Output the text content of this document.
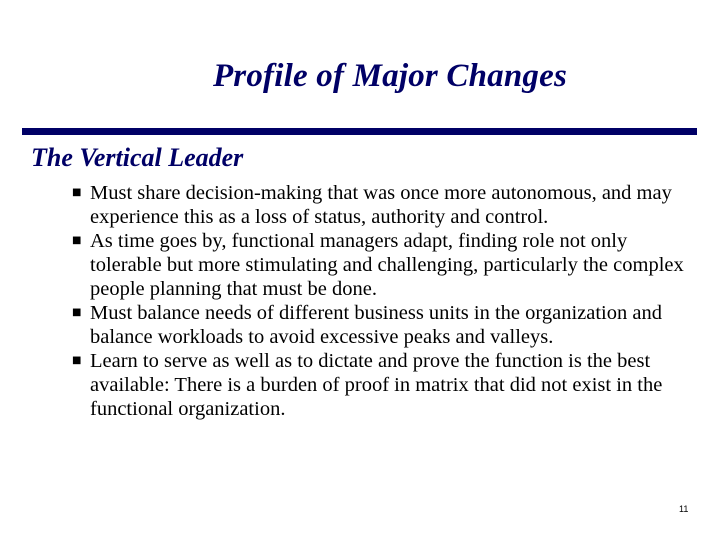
Profile of Major Changes
The Vertical Leader
■ Must share decision-making that was once more autonomous, and may experience this as a loss of status, authority and control.
■ As time goes by, functional managers adapt, finding role not only tolerable but more stimulating and challenging, particularly the complex people planning that must be done.
■ Must balance needs of different business units in the organization and balance workloads to avoid excessive peaks and valleys.
■ Learn to serve as well as to dictate and prove the function is the best available: There is a burden of proof in matrix that did not exist in the functional organization.
11
